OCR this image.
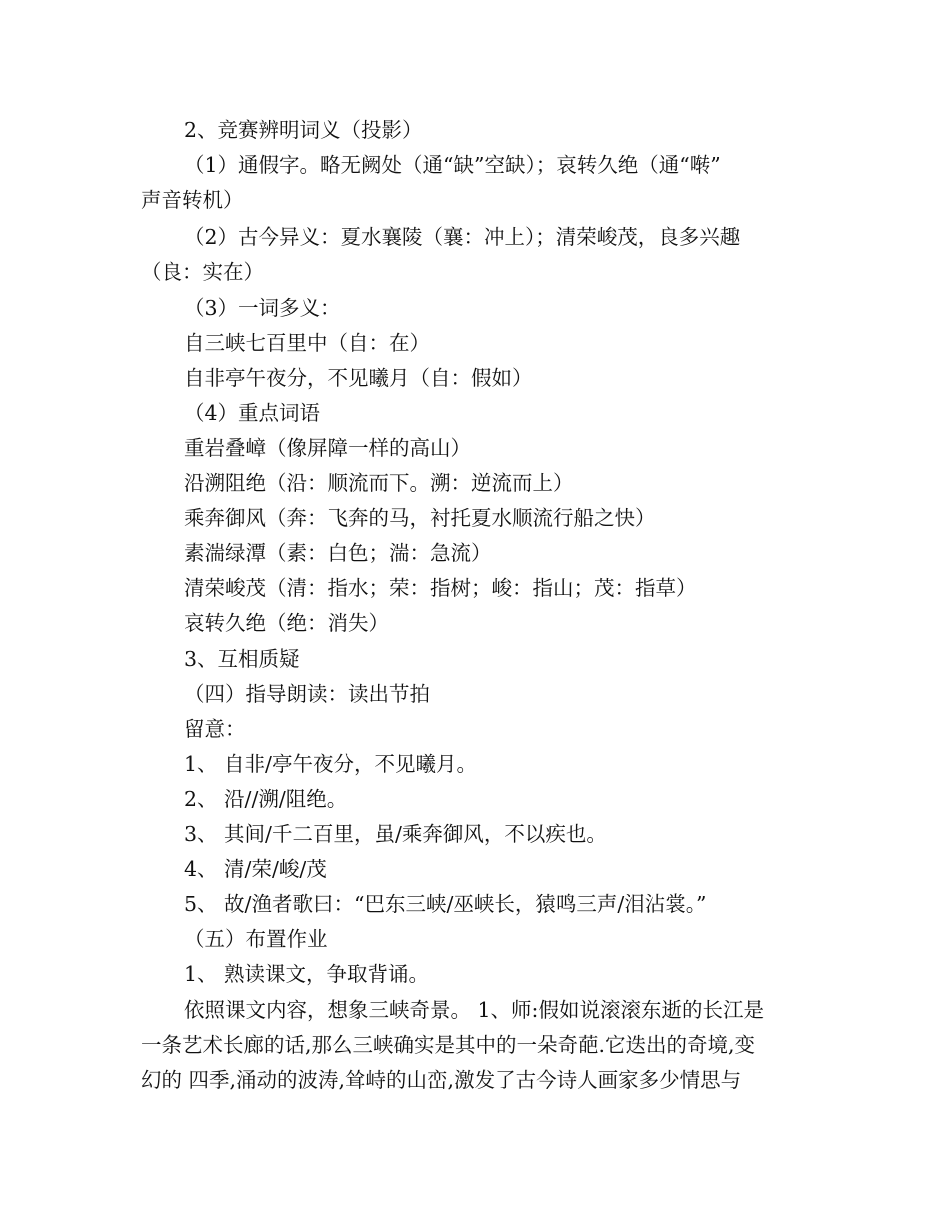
2、竞赛辨明词义（投影）
（1）通假字。略无阙处（通“缺”空缺）；哀转久绝（通“啭”
声音转机）
（2）古今异义：夏水襄陵（襄：冲上）；清荣峻茂，良多兴趣
（良：实在）
（3）一词多义：
自三峡七百里中（自：在）
自非亭午夜分，不见曦月（自：假如）
（4）重点词语
重岩叠嶂（像屏障一样的高山）
沿溯阻绝（沿：顺流而下。溯：逆流而上）
乘奔御风（奔：飞奔的马，衬托夏水顺流行船之快）
素湍绿潭（素：白色；湍：急流）
清荣峻茂（清：指水；荣：指树；峻：指山；茂：指草）
哀转久绝（绝：消失）
3、互相质疑
（四）指导朗读：读出节拍
留意：
1、 自非/亭午夜分，不见曦月。
2、 沿//溯/阻绝。
3、 其间/千二百里，虽/乘奔御风，不以疾也。
4、 清/荣/峻/茂
5、 故/渔者歌曰：“巴东三峡/巫峡长，猿鸣三声/泪沾裳。”
（五）布置作业
1、 熟读课文，争取背诵。
依照课文内容，想象三峡奇景。 1、师:假如说滚滚东逝的长江是
一条艺术长廊的话,那么三峡确实是其中的一朵奇葩.它迭出的奇境,变
幻的 四季,涌动的波涛,耸峙的山峦,激发了古今诗人画家多少情思与
